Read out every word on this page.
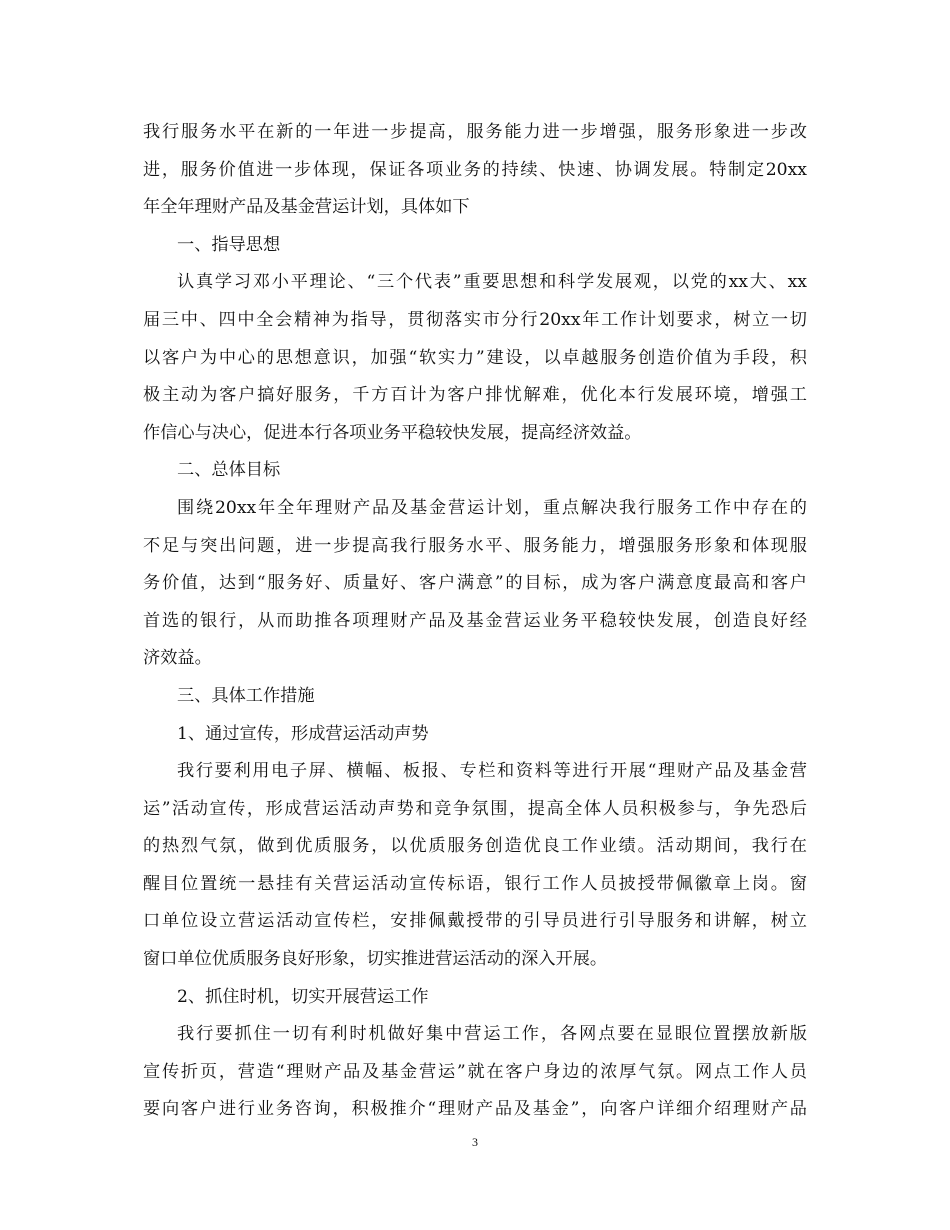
我行服务水平在新的一年进一步提高，服务能力进一步增强，服务形象进一步改
进，服务价值进一步体现，保证各项业务的持续、快速、协调发展。特制定20xx
年全年理财产品及基金营运计划，具体如下
一、指导思想
认真学习邓小平理论、“三个代表”重要思想和科学发展观，以党的xx大、xx
届三中、四中全会精神为指导，贯彻落实市分行20xx年工作计划要求，树立一切
以客户为中心的思想意识，加强“软实力”建设，以卓越服务创造价值为手段，积
极主动为客户搞好服务，千方百计为客户排忧解难，优化本行发展环境，增强工
作信心与决心，促进本行各项业务平稳较快发展，提高经济效益。
二、总体目标
围绕20xx年全年理财产品及基金营运计划，重点解决我行服务工作中存在的
不足与突出问题，进一步提高我行服务水平、服务能力，增强服务形象和体现服
务价值，达到“服务好、质量好、客户满意”的目标，成为客户满意度最高和客户
首选的银行，从而助推各项理财产品及基金营运业务平稳较快发展，创造良好经
济效益。
三、具体工作措施
1、通过宣传，形成营运活动声势
我行要利用电子屏、横幅、板报、专栏和资料等进行开展“理财产品及基金营
运”活动宣传，形成营运活动声势和竞争氛围，提高全体人员积极参与，争先恐后
的热烈气氛，做到优质服务，以优质服务创造优良工作业绩。活动期间，我行在
醒目位置统一悬挂有关营运活动宣传标语，银行工作人员披授带佩徽章上岗。窗
口单位设立营运活动宣传栏，安排佩戴授带的引导员进行引导服务和讲解，树立
窗口单位优质服务良好形象，切实推进营运活动的深入开展。
2、抓住时机，切实开展营运工作
我行要抓住一切有利时机做好集中营运工作，各网点要在显眼位置摆放新版
宣传折页，营造“理财产品及基金营运”就在客户身边的浓厚气氛。网点工作人员
要向客户进行业务咨询，积极推介“理财产品及基金”，向客户详细介绍理财产品
3
